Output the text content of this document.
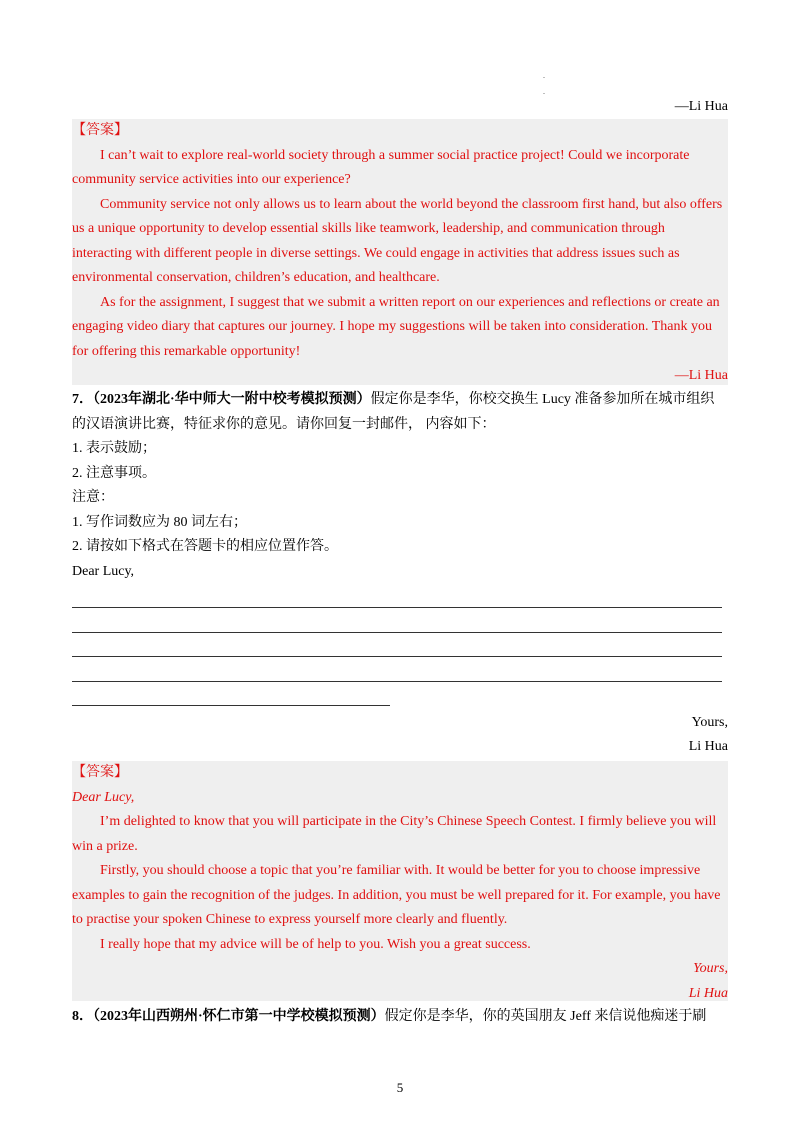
.
.
—Li Hua

【答案】

I can’t wait to explore real-world society through a summer social practice project! Could we incorporate community service activities into our experience?

Community service not only allows us to learn about the world beyond the classroom first hand, but also offers us a unique opportunity to develop essential skills like teamwork, leadership, and communication through interacting with different people in diverse settings. We could engage in activities that address issues such as environmental conservation, children’s education, and healthcare.

As for the assignment, I suggest that we submit a written report on our experiences and reflections or create an engaging video diary that captures our journey. I hope my suggestions will be taken into consideration. Thank you for offering this remarkable opportunity!

—Li Hua

7．（2023年湖北·华中师大一附中校考模拟预测）假定你是李华，你校交换生 Lucy 准备参加所在城市组织的汉语演讲比赛，特征求你的意见。请你回复一封邮件， 内容如下：

1. 表示鼓励；

2. 注意事项。

注意：

1. 写作词数应为 80 词左右；

2. 请按如下格式在答题卡的相应位置作答。

Dear Lucy,

Yours,
Li Hua

【答案】

Dear Lucy,

I’m delighted to know that you will participate in the City’s Chinese Speech Contest. I firmly believe you will win a prize.

Firstly, you should choose a topic that you’re familiar with. It would be better for you to choose impressive examples to gain the recognition of the judges. In addition, you must be well prepared for it. For example, you have to practise your spoken Chinese to express yourself more clearly and fluently.

I really hope that my advice will be of help to you. Wish you a great success.

Yours,

Li Hua

8．（2023年山西朔州·怀仁市第一中学校模拟预测）假定你是李华，你的英国朋友 Jeff 来信说他痴迷于刷

5
